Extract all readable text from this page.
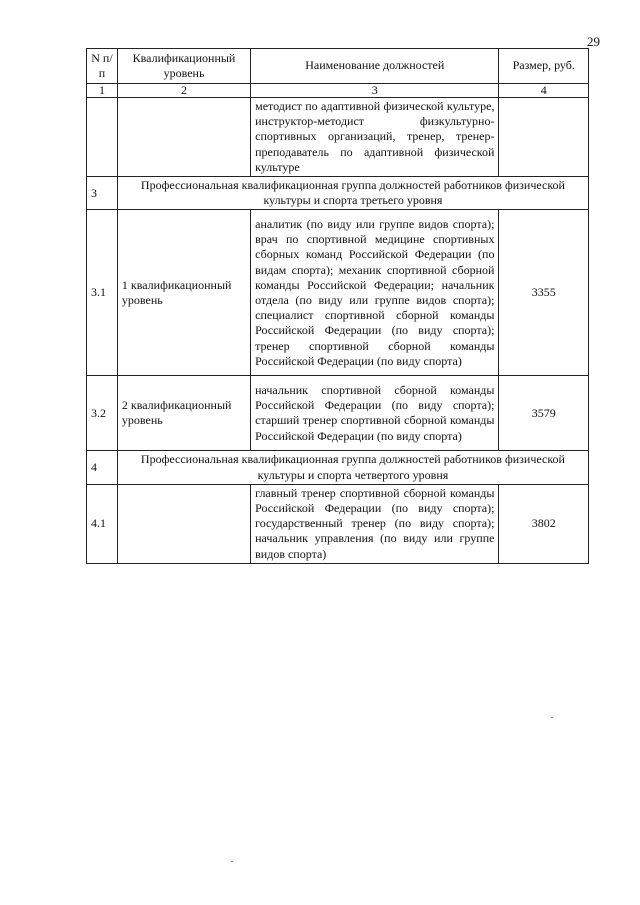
29
N п/п	Квалификационный уровень	Наименование должностей	Размер, руб.
1	2	3	4
		методист по адаптивной физической культуре, инструктор-методист физкультурно-спортивных организаций, тренер, тренер-преподаватель по адаптивной физической культуре	
3	Профессиональная квалификационная группа должностей работников физической культуры и спорта третьего уровня		
3.1	1 квалификационный уровень	аналитик (по виду или группе видов спорта); врач по спортивной медицине спортивных сборных команд Российской Федерации (по видам спорта); механик спортивной сборной команды Российской Федерации; начальник отдела (по виду или группе видов спорта); специалист спортивной сборной команды Российской Федерации (по виду спорта); тренер спортивной сборной команды Российской Федерации (по виду спорта)	3355
3.2	2 квалификационный уровень	начальник спортивной сборной команды Российской Федерации (по виду спорта); старший тренер спортивной сборной команды Российской Федерации (по виду спорта)	3579
4	Профессиональная квалификационная группа должностей работников физической культуры и спорта четвертого уровня		
4.1		главный тренер спортивной сборной команды Российской Федерации (по виду спорта); государственный тренер (по виду спорта); начальник управления (по виду или группе видов спорта)	3802
